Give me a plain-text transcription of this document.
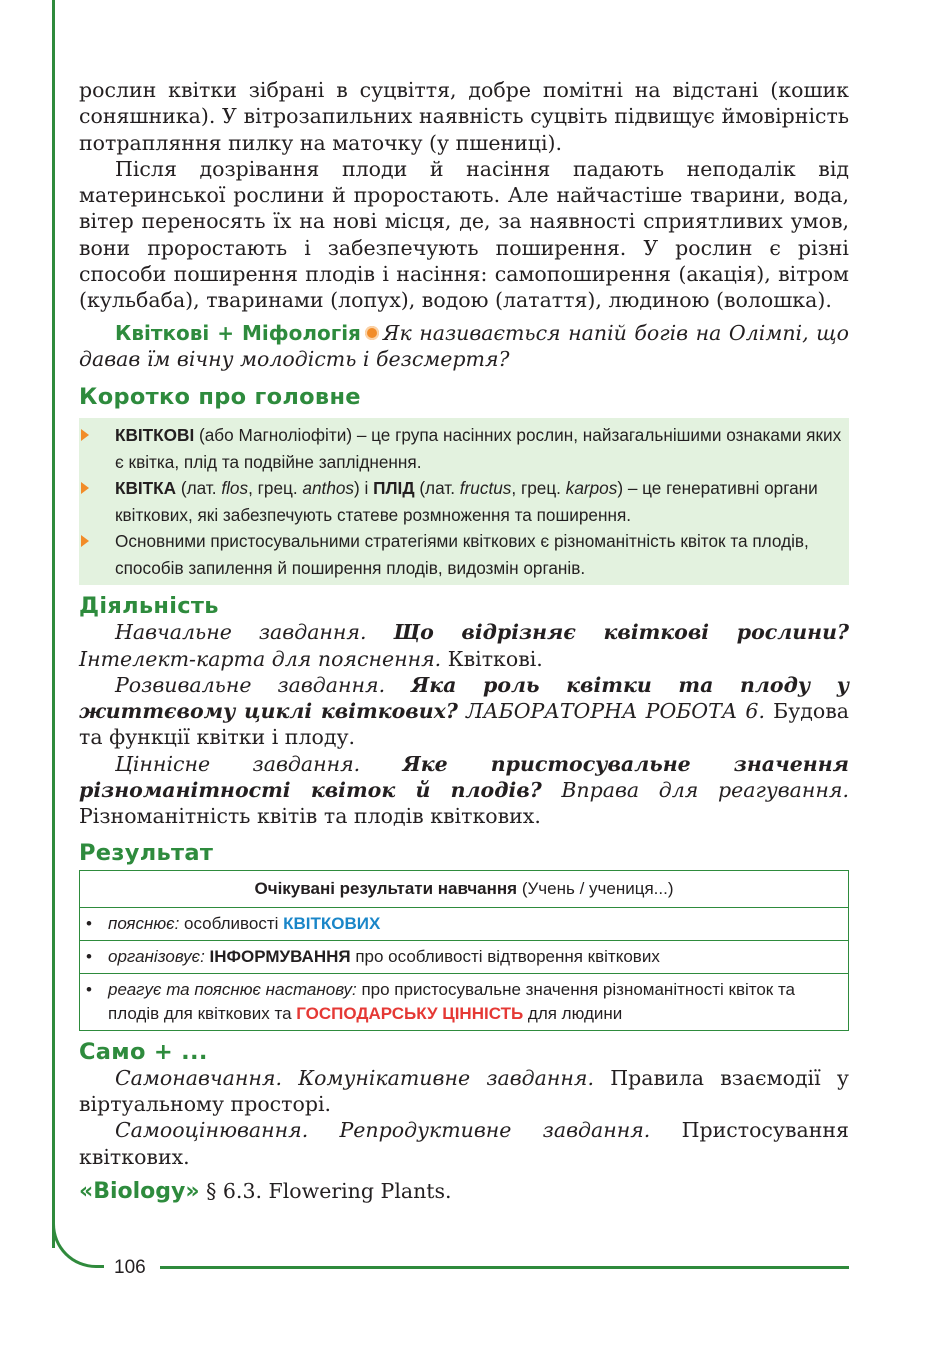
106

рослин квітки зібрані в суцвіття, добре помітні на відстані (кошик соняшника). У вітрозапильних наявність суцвіть підвищує ймовірність потрапляння пилку на маточку (у пшениці).

Після дозрівання плоди й насіння падають неподалік від материнської рослини й проростають. Але найчастіше тварини, вода, вітер переносять їх на нові місця, де, за наявності сприятливих умов, вони проростають і забезпечують поширення. У рослин є різні способи поширення плодів і насіння: самопоширення (акація), вітром (кульбаба), тваринами (лопух), водою (латаття), людиною (волошка).

Квіткові + Міфологія Як називається напій богів на Олімпі, що давав їм вічну молодість і безсмертя?

Коротко про головне
КВІТКОВІ (або Магноліофіти) – це група насінних рослин, найзагальнішими ознаками яких є квітка, плід та подвійне запліднення.
КВІТКА (лат. flos, грец. anthos) і ПЛІД (лат. fructus, грец. karpos) – це генеративні органи квіткових, які забезпечують статеве розмноження та поширення.
Основними пристосувальними стратегіями квіткових є різноманітність квіток та плодів, способів запилення й поширення плодів, видозмін органів.
Діяльність

Навчальне завдання. Що відрізняє квіткові рослини? Інтелект-карта для пояснення. Квіткові.

Розвивальне завдання. Яка роль квітки та плоду у життєвому циклі квіткових? ЛАБОРАТОРНА РОБОТА 6. Будова та функції квітки і плоду.

Ціннісне завдання. Яке пристосувальне значення різноманітності квіток й плодів? Вправа для реагування. Різноманітність квітів та плодів квіткових.

Результат
Очікувані результати навчання (Учень / учениця...)
• пояснює: особливості КВІТКОВИХ
• організовує: ІНФОРМУВАННЯ про особливості відтворення квіткових
• реагує та пояснює настанову: про пристосувальне значення різноманітності квіток та плодів для квіткових та ГОСПОДАРСЬКУ ЦІННІСТЬ для людини
Само + ...

Самонавчання. Комунікативне завдання. Правила взаємодії у віртуальному просторі.

Самооцінювання. Репродуктивне завдання. Пристосування квіткових.

«Biology» § 6.3. Flowering Plants.
